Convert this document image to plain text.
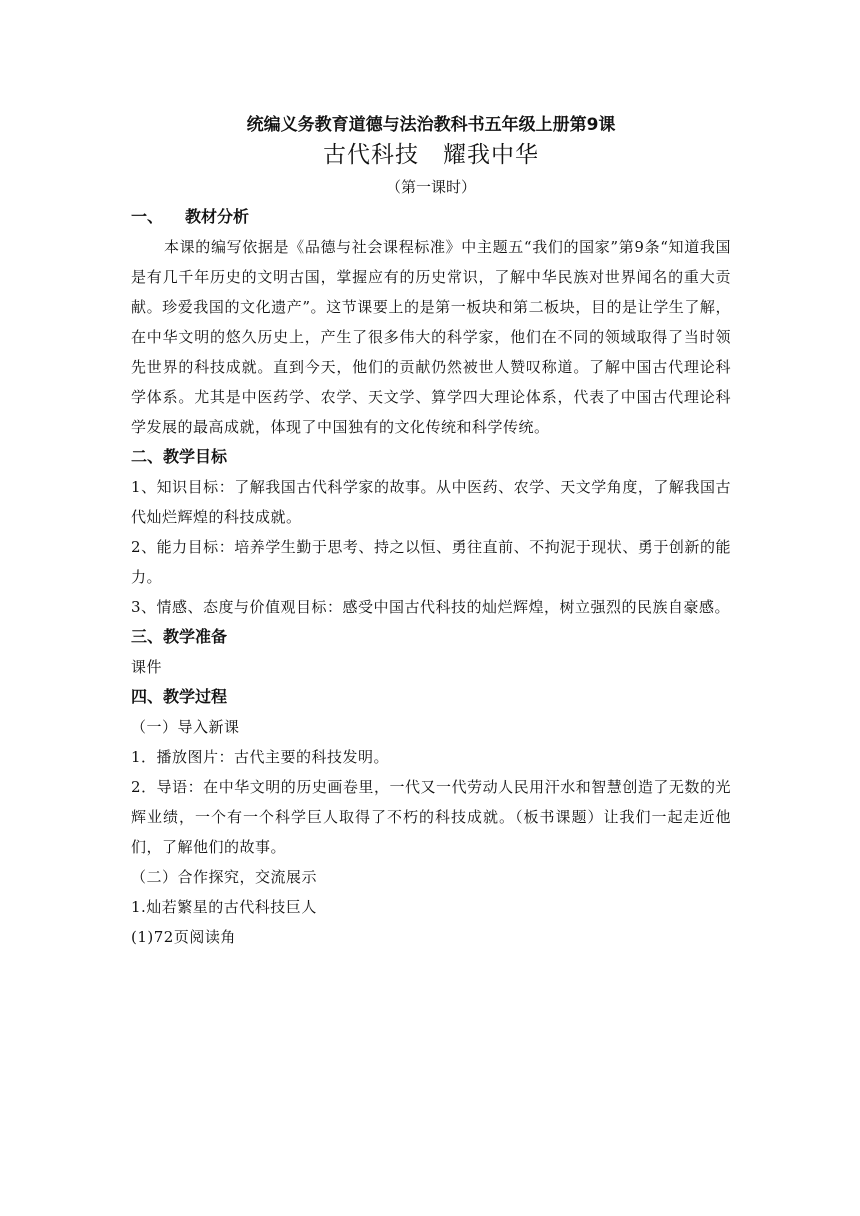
统编义务教育道德与法治教科书五年级上册第9课

古代科技　耀我中华

（第一课时）

一、 教材分析

本课的编写依据是《品德与社会课程标准》中主题五“我们的国家”第9条“知道我国是有几千年历史的文明古国，掌握应有的历史常识，了解中华民族对世界闻名的重大贡献。珍爱我国的文化遗产”。这节课要上的是第一板块和第二板块，目的是让学生了解，在中华文明的悠久历史上，产生了很多伟大的科学家，他们在不同的领域取得了当时领先世界的科技成就。直到今天，他们的贡献仍然被世人赞叹称道。了解中国古代理论科学体系。尤其是中医药学、农学、天文学、算学四大理论体系，代表了中国古代理论科学发展的最高成就，体现了中国独有的文化传统和科学传统。

二、教学目标

1、知识目标：了解我国古代科学家的故事。从中医药、农学、天文学角度，了解我国古代灿烂辉煌的科技成就。

2、能力目标：培养学生勤于思考、持之以恒、勇往直前、不拘泥于现状、勇于创新的能力。

3、情感、态度与价值观目标：感受中国古代科技的灿烂辉煌，树立强烈的民族自豪感。

三、教学准备

课件

四、教学过程

（一）导入新课

1．播放图片：古代主要的科技发明。

2．导语：在中华文明的历史画卷里，一代又一代劳动人民用汗水和智慧创造了无数的光辉业绩，一个有一个科学巨人取得了不朽的科技成就。（板书课题）让我们一起走近他们，了解他们的故事。

（二）合作探究，交流展示

1.灿若繁星的古代科技巨人

(1)72页阅读角
